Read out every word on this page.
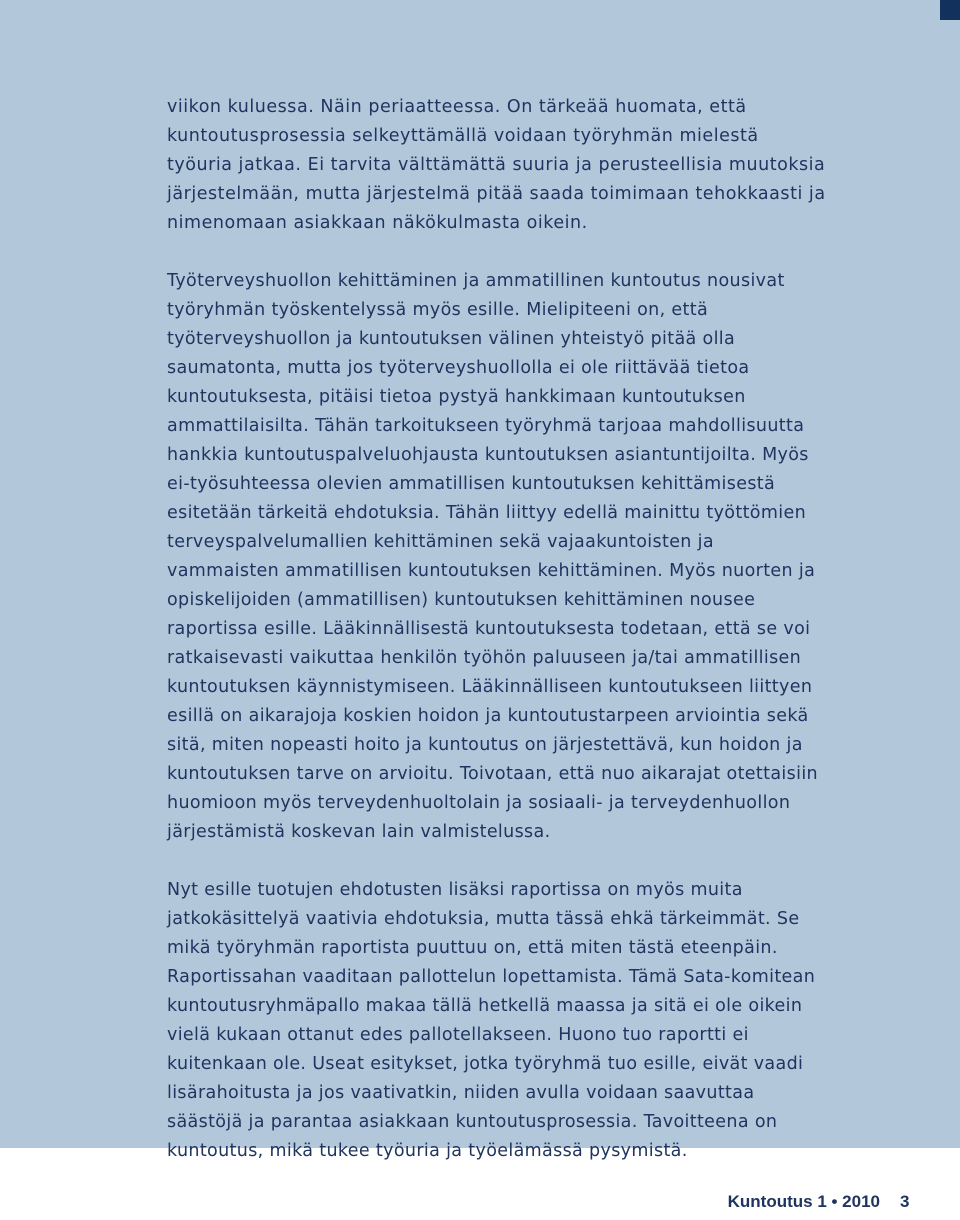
viikon kuluessa. Näin periaatteessa. On tärkeää huomata, että kuntoutusprosessia selkeyttämällä voidaan työryhmän mielestä työuria jatkaa. Ei tarvita välttämättä suuria ja perusteellisia muutoksia järjestelmään, mutta järjestelmä pitää saada toimimaan tehokkaasti ja nimenomaan asiakkaan näkökulmasta oikein.

Työterveyshuollon kehittäminen ja ammatillinen kuntoutus nousivat työryhmän työskentelyssä myös esille. Mielipiteeni on, että työterveyshuollon ja kuntoutuksen välinen yhteistyö pitää olla saumatonta, mutta jos työterveyshuollolla ei ole riittävää tietoa kuntoutuksesta, pitäisi tietoa pystyä hankkimaan kuntoutuksen ammattilaisilta. Tähän tarkoitukseen työryhmä tarjoaa mahdollisuutta hankkia kuntoutuspalveluohjausta kuntoutuksen asiantuntijoilta. Myös ei-työsuhteessa olevien ammatillisen kuntoutuksen kehittämisestä esitetään tärkeitä ehdotuksia. Tähän liittyy edellä mainittu työttömien terveyspalvelumallien kehittäminen sekä vajaakuntoisten ja vammaisten ammatillisen kuntoutuksen kehittäminen. Myös nuorten ja opiskelijoiden (ammatillisen) kuntoutuksen kehittäminen nousee raportissa esille. Lääkinnällisestä kuntoutuksesta todetaan, että se voi ratkaisevasti vaikuttaa henkilön työhön paluuseen ja/tai ammatillisen kuntoutuksen käynnistymiseen. Lääkinnälliseen kuntoutukseen liittyen esillä on aikarajoja koskien hoidon ja kuntoutustarpeen arviointia sekä sitä, miten nopeasti hoito ja kuntoutus on järjestettävä, kun hoidon ja kuntoutuksen tarve on arvioitu. Toivotaan, että nuo aikarajat otettaisiin huomioon myös terveydenhuoltolain ja sosiaali- ja terveydenhuollon järjestämistä koskevan lain valmistelussa.

Nyt esille tuotujen ehdotusten lisäksi raportissa on myös muita jatkokäsittelyä vaativia ehdotuksia, mutta tässä ehkä tärkeimmät. Se mikä työryhmän raportista puuttuu on, että miten tästä eteenpäin. Raportissahan vaaditaan pallottelun lopettamista. Tämä Sata-komitean kuntoutusryhmäpallo makaa tällä hetkellä maassa ja sitä ei ole oikein vielä kukaan ottanut edes pallotellakseen. Huono tuo raportti ei kuitenkaan ole. Useat esitykset, jotka työryhmä tuo esille, eivät vaadi lisärahoitusta ja jos vaativatkin, niiden avulla voidaan saavuttaa säästöjä ja parantaa asiakkaan kuntoutusprosessia. Tavoitteena on kuntoutus, mikä tukee työuria ja työelämässä pysymistä.

Kuntoutus 1 • 2010 3
